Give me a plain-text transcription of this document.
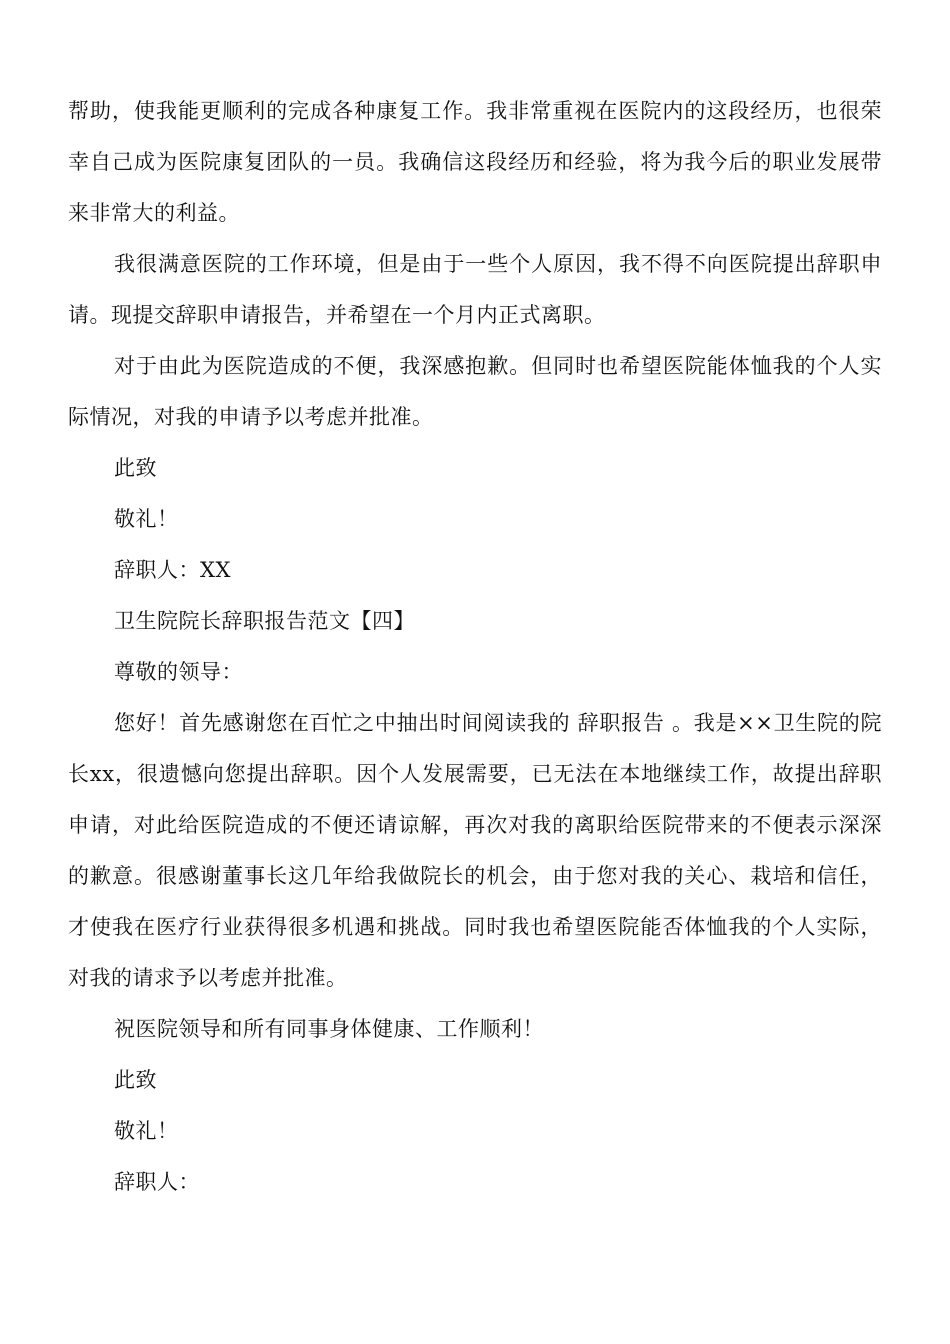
帮助，使我能更顺利的完成各种康复工作。我非常重视在医院内的这段经历，也很荣幸自己成为医院康复团队的一员。我确信这段经历和经验，将为我今后的职业发展带来非常大的利益。

我很满意医院的工作环境，但是由于一些个人原因，我不得不向医院提出辞职申请。现提交辞职申请报告，并希望在一个月内正式离职。

对于由此为医院造成的不便，我深感抱歉。但同时也希望医院能体恤我的个人实际情况，对我的申请予以考虑并批准。

此致

敬礼！

辞职人：XX

卫生院院长辞职报告范文【四】

尊敬的领导：

您好！首先感谢您在百忙之中抽出时间阅读我的 辞职报告 。我是××卫生院的院长xx，很遗憾向您提出辞职。因个人发展需要，已无法在本地继续工作，故提出辞职申请，对此给医院造成的不便还请谅解，再次对我的离职给医院带来的不便表示深深的歉意。很感谢董事长这几年给我做院长的机会，由于您对我的关心、栽培和信任，才使我在医疗行业获得很多机遇和挑战。同时我也希望医院能否体恤我的个人实际，对我的请求予以考虑并批准。

祝医院领导和所有同事身体健康、工作顺利！

此致

敬礼！

辞职人：
